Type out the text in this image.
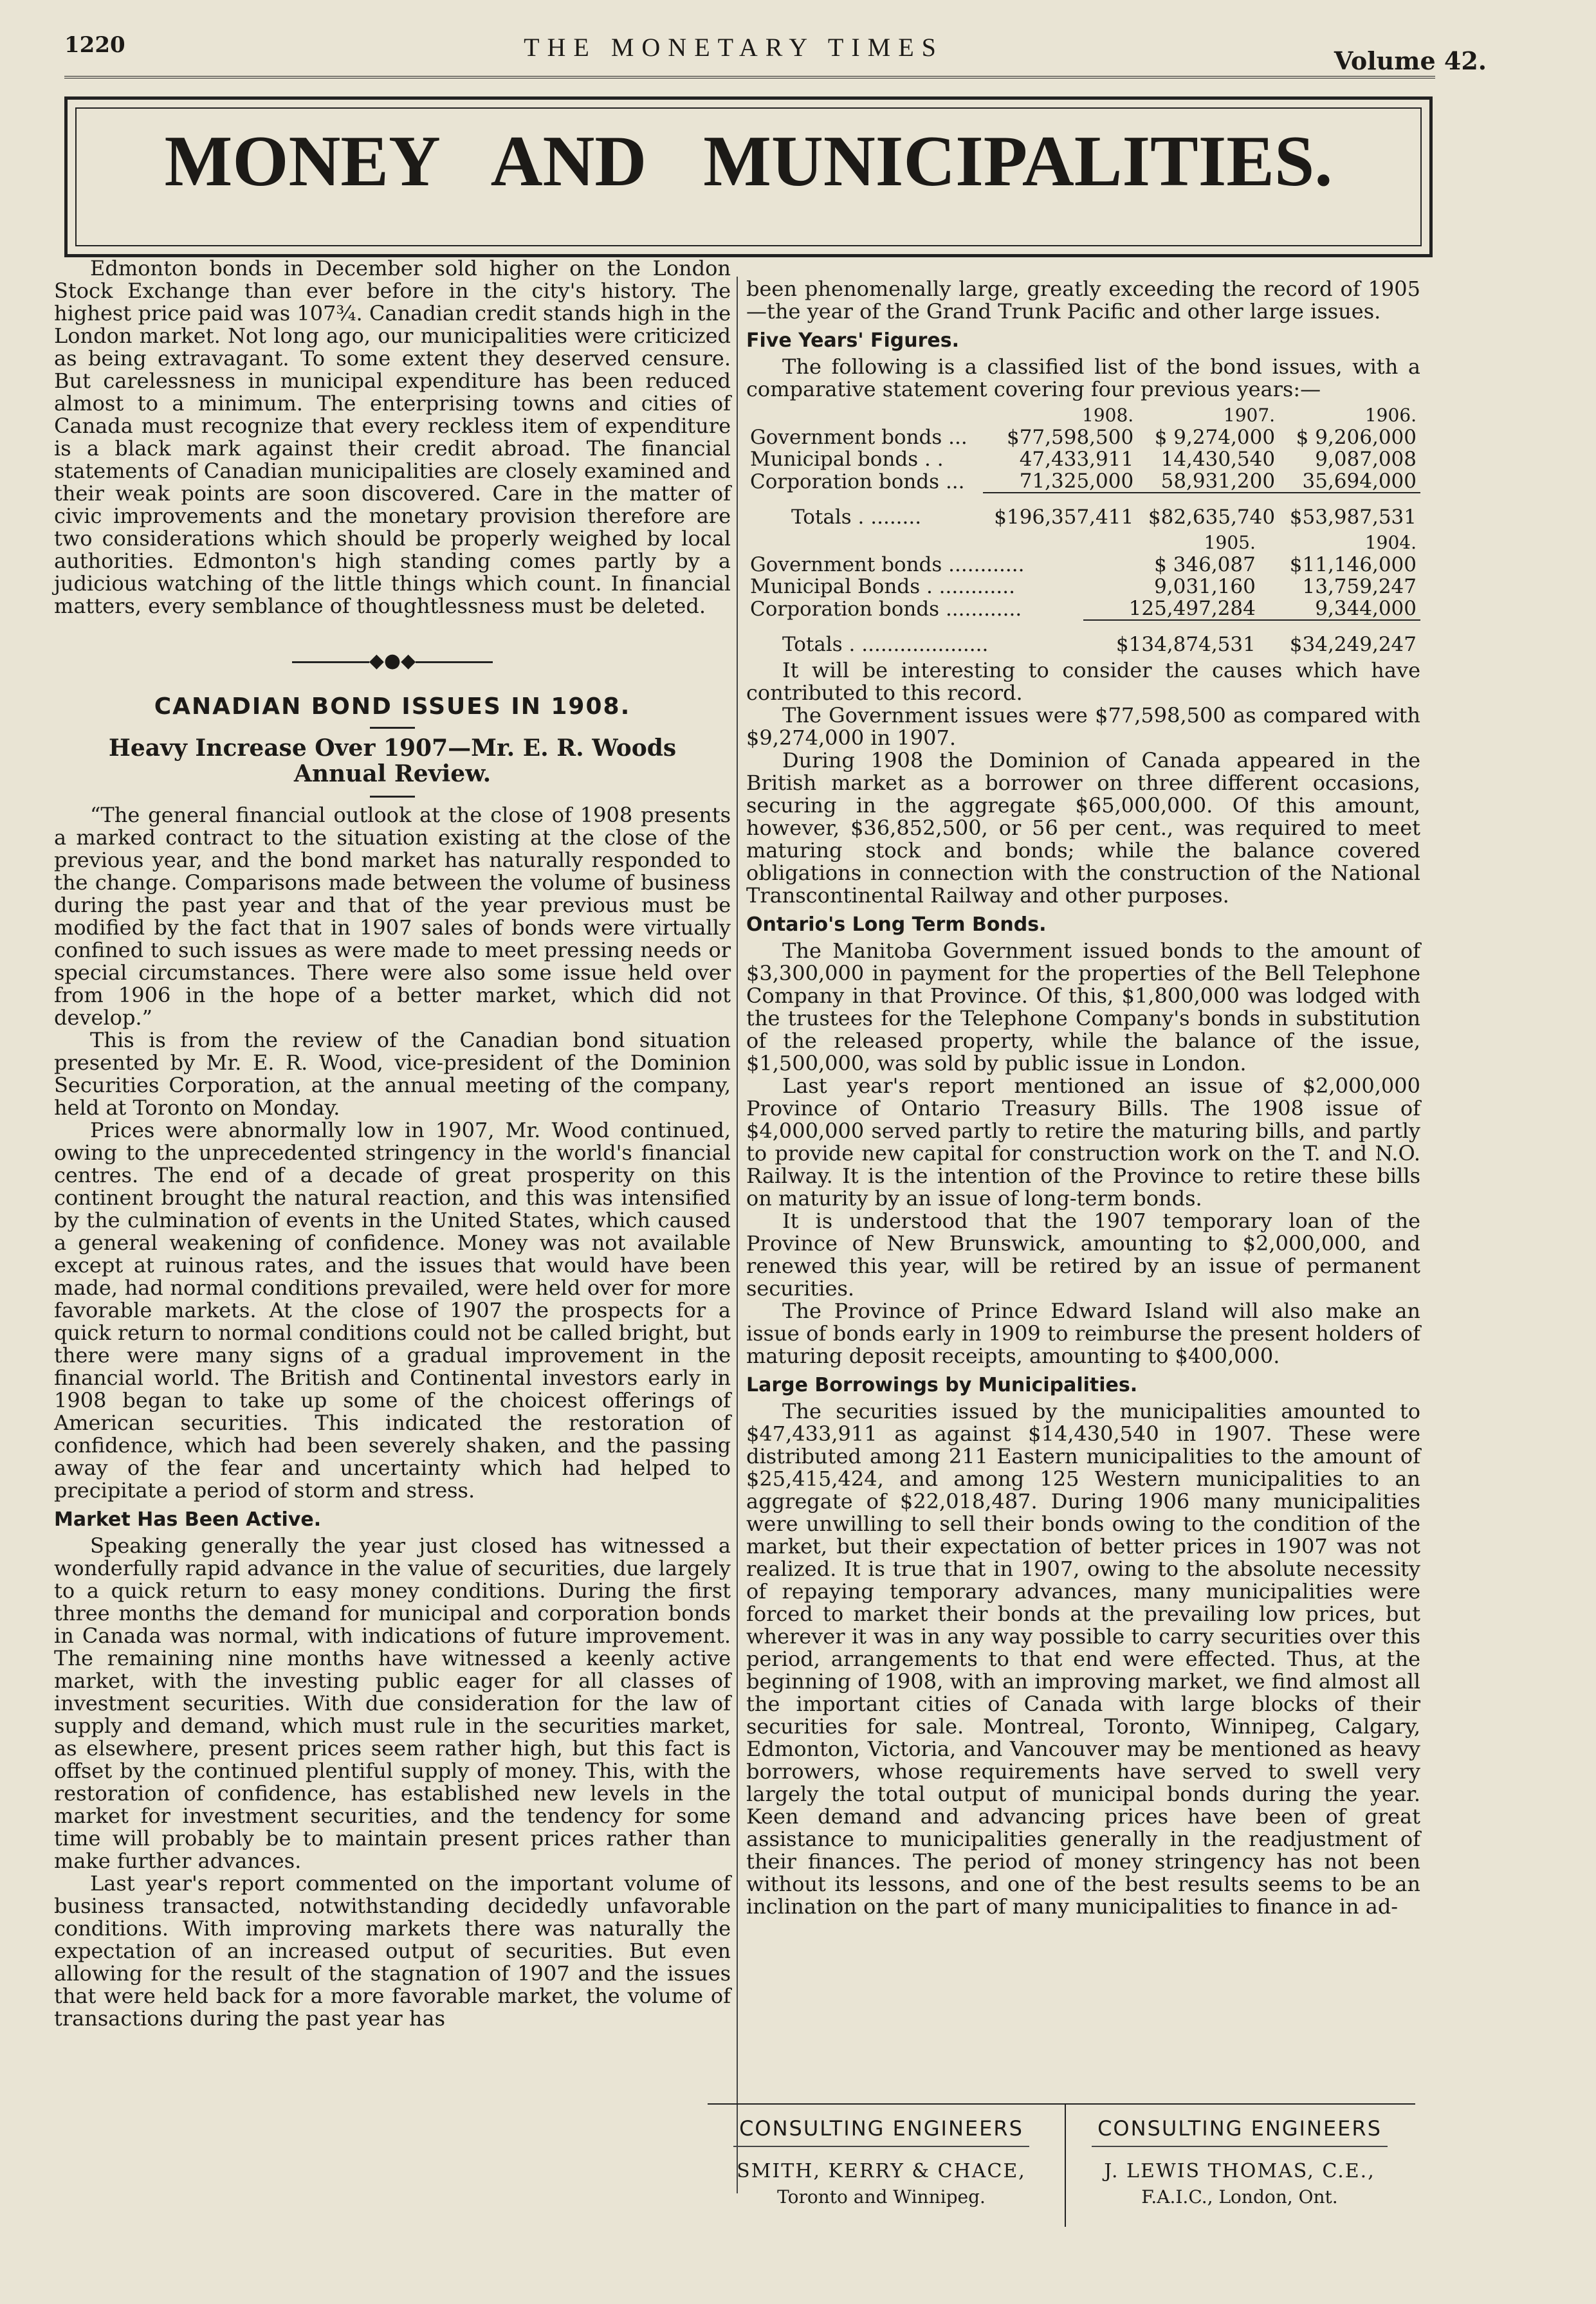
1220	THE MONETARY TIMES	Volume 42.
MONEY AND MUNICIPALITIES.

Edmonton bonds in December sold higher on the London Stock Exchange than ever before in the city's history. The highest price paid was 107¾. Canadian credit stands high in the London market. Not long ago, our municipalities were criticized as being extravagant. To some extent they deserved censure. But carelessness in municipal expenditure has been reduced almost to a minimum. The enterprising towns and cities of Canada must recognize that every reckless item of expenditure is a black mark against their credit abroad. The financial statements of Canadian municipalities are closely examined and their weak points are soon discovered. Care in the matter of civic improvements and the monetary provision therefore are two considerations which should be properly weighed by local authorities. Edmonton's high standing comes partly by a judicious watching of the little things which count. In financial matters, every semblance of thoughtlessness must be deleted.

◆●◆
CANADIAN BOND ISSUES IN 1908.
Heavy Increase Over 1907—Mr. E. R. Woods Annual Review.

“The general financial outlook at the close of 1908 presents a marked contract to the situation existing at the close of the previous year, and the bond market has naturally responded to the change. Comparisons made between the volume of business during the past year and that of the year previous must be modified by the fact that in 1907 sales of bonds were virtually confined to such issues as were made to meet pressing needs or special circumstances. There were also some issue held over from 1906 in the hope of a better market, which did not develop.”

This is from the review of the Canadian bond situation presented by Mr. E. R. Wood, vice-president of the Dominion Securities Corporation, at the annual meeting of the company, held at Toronto on Monday.

Prices were abnormally low in 1907, Mr. Wood continued, owing to the unprecedented stringency in the world's financial centres. The end of a decade of great prosperity on this continent brought the natural reaction, and this was intensified by the culmination of events in the United States, which caused a general weakening of confidence. Money was not available except at ruinous rates, and the issues that would have been made, had normal conditions prevailed, were held over for more favorable markets. At the close of 1907 the prospects for a quick return to normal conditions could not be called bright, but there were many signs of a gradual improvement in the financial world. The British and Continental investors early in 1908 began to take up some of the choicest offerings of American securities. This indicated the restoration of confidence, which had been severely shaken, and the passing away of the fear and uncertainty which had helped to precipitate a period of storm and stress.

Market Has Been Active.

Speaking generally the year just closed has witnessed a wonderfully rapid advance in the value of securities, due largely to a quick return to easy money conditions. During the first three months the demand for municipal and corporation bonds in Canada was normal, with indications of future improvement. The remaining nine months have witnessed a keenly active market, with the investing public eager for all classes of investment securities. With due consideration for the law of supply and demand, which must rule in the securities market, as elsewhere, present prices seem rather high, but this fact is offset by the continued plentiful supply of money. This, with the restoration of confidence, has established new levels in the market for investment securities, and the tendency for some time will probably be to maintain present prices rather than make further advances.

Last year's report commented on the important volume of business transacted, notwithstanding decidedly unfavorable conditions. With improving markets there was naturally the expectation of an increased output of securities. But even allowing for the result of the stagnation of 1907 and the issues that were held back for a more favorable market, the volume of transactions during the past year has

been phenomenally large, greatly exceeding the record of 1905—the year of the Grand Trunk Pacific and other large issues.

Five Years' Figures.

The following is a classified list of the bond issues, with a comparative statement covering four previous years:—

	1908.	1907.	1906.
Government bonds ...	$77,598,500	$ 9,274,000	$ 9,206,000
Municipal bonds . .	47,433,911	14,430,540	9,087,008
Corporation bonds ...	71,325,000	58,931,200	35,694,000
Totals . ........	$196,357,411	$82,635,740	$53,987,531
	1905.	1904.
Government bonds ............	$ 346,087	$11,146,000
Municipal Bonds . ............	9,031,160	13,759,247
Corporation bonds ............	125,497,284	9,344,000
Totals . ....................	$134,874,531	$34,249,247

It will be interesting to consider the causes which have contributed to this record.

The Government issues were $77,598,500 as compared with $9,274,000 in 1907.

During 1908 the Dominion of Canada appeared in the British market as a borrower on three different occasions, securing in the aggregate $65,000,000. Of this amount, however, $36,852,500, or 56 per cent., was required to meet maturing stock and bonds; while the balance covered obligations in connection with the construction of the National Transcontinental Railway and other purposes.

Ontario's Long Term Bonds.

The Manitoba Government issued bonds to the amount of $3,300,000 in payment for the properties of the Bell Telephone Company in that Province. Of this, $1,800,000 was lodged with the trustees for the Telephone Company's bonds in substitution of the released property, while the balance of the issue, $1,500,000, was sold by public issue in London.

Last year's report mentioned an issue of $2,000,000 Province of Ontario Treasury Bills. The 1908 issue of $4,000,000 served partly to retire the maturing bills, and partly to provide new capital for construction work on the T. and N.O. Railway. It is the intention of the Province to retire these bills on maturity by an issue of long-term bonds.

It is understood that the 1907 temporary loan of the Province of New Brunswick, amounting to $2,000,000, and renewed this year, will be retired by an issue of permanent securities.

The Province of Prince Edward Island will also make an issue of bonds early in 1909 to reimburse the present holders of maturing deposit receipts, amounting to $400,000.

Large Borrowings by Municipalities.

The securities issued by the municipalities amounted to $47,433,911 as against $14,430,540 in 1907. These were distributed among 211 Eastern municipalities to the amount of $25,415,424, and among 125 Western municipalities to an aggregate of $22,018,487. During 1906 many municipalities were unwilling to sell their bonds owing to the condition of the market, but their expectation of better prices in 1907 was not realized. It is true that in 1907, owing to the absolute necessity of repaying temporary advances, many municipalities were forced to market their bonds at the prevailing low prices, but wherever it was in any way possible to carry securities over this period, arrangements to that end were effected. Thus, at the beginning of 1908, with an improving market, we find almost all the important cities of Canada with large blocks of their securities for sale. Montreal, Toronto, Winnipeg, Calgary, Edmonton, Victoria, and Vancouver may be mentioned as heavy borrowers, whose requirements have served to swell very largely the total output of municipal bonds during the year. Keen demand and advancing prices have been of great assistance to municipalities generally in the readjustment of their finances. The period of money stringency has not been without its lessons, and one of the best results seems to be an inclination on the part of many municipalities to finance in ad-

CONSULTING ENGINEERS
SMITH, KERRY & CHACE,
Toronto and Winnipeg.
CONSULTING ENGINEERS
J. LEWIS THOMAS, C.E.,
F.A.I.C., London, Ont.
